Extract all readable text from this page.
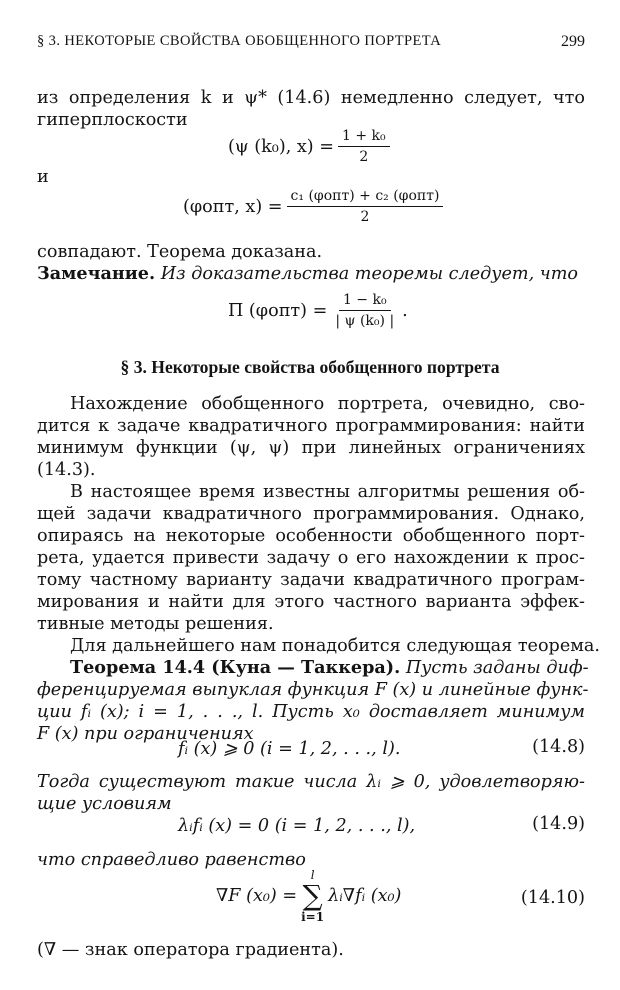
§ 3. НЕКОТОРЫЕ СВОЙСТВА ОБОБЩЕННОГО ПОРТРЕТА	299
из определения k и ψ* (14.6) немедленно следует, что
гиперплоскости
(ψ (k₀), $x) = \frac{\text{1 + k₀}}{2}$
и
(φопт, $x) = \frac{\text{c₁ (φопт) + c₂ (φопт)}}{2}$
совпадают. Теорема доказана.
Замечание. Из доказательства теоремы следует, что
Π $(\varphi опт) = \frac{\text{1 − k₀}}{\text{| ψ (k₀) |}}$ .
§ 3. Некоторые свойства обобщенного портрета
Нахождение обобщенного портрета, очевидно, сво-
дится к задаче квадратичного программирования: найти
минимум функции (ψ, ψ) при линейных ограничениях
(14.3).
В настоящее время известны алгоритмы решения об-
щей задачи квадратичного программирования. Однако,
опираясь на некоторые особенности обобщенного порт-
рета, удается привести задачу о его нахождении к прос-
тому частному варианту задачи квадратичного програм-
мирования и найти для этого частного варианта эффек-
тивные методы решения.
Для дальнейшего нам понадобится следующая теорема.
Теорема 14.4 (Куна — Таккера). Пусть заданы диф-
ференцируемая выпуклая функция F (x) и линейные функ-
ции fᵢ (x); i = 1, . . ., l. Пусть x₀ доставляет минимум
F (x) при ограничениях
fᵢ (x) ⩾ 0 (i = 1, 2, . . ., l).	(14.8)
Тогда существуют такие числа λᵢ ⩾ 0, удовлетворяю-
щие условиям
λᵢfᵢ (x) = 0 (i = 1, 2, . . ., l),	(14.9)
что справедливо равенство
∇F (x₀) =
l
∑
i=1
λᵢ∇fᵢ (x₀)	(14.10)
(∇ — знак оператора градиента).
